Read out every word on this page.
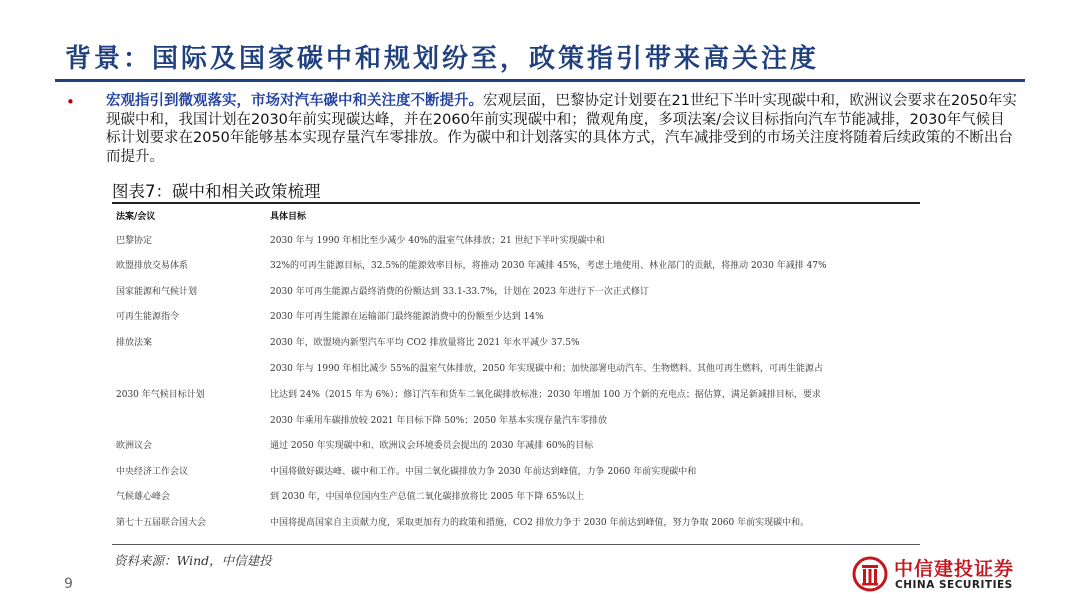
背景：国际及国家碳中和规划纷至，政策指引带来高关注度
• 宏观指引到微观落实，市场对汽车碳中和关注度不断提升。宏观层面，巴黎协定计划要在21世纪下半叶实现碳中和，欧洲议会要求在2050年实现碳中和，我国计划在2030年前实现碳达峰，并在2060年前实现碳中和；微观角度，多项法案/会议目标指向汽车节能减排，2030年气候目标计划要求在2050年能够基本实现存量汽车零排放。作为碳中和计划落实的具体方式，汽车减排受到的市场关注度将随着后续政策的不断出台而提升。

图表7：碳中和相关政策梳理

法案/会议	具体目标
巴黎协定	2030 年与 1990 年相比至少减少 40%的温室气体排放；21 世纪下半叶实现碳中和
欧盟排放交易体系	32%的可再生能源目标，32.5%的能源效率目标，将推动 2030 年减排 45%，考虑土地使用、林业部门的贡献，将推动 2030 年减排 47%
国家能源和气候计划	2030 年可再生能源占最终消费的份额达到 33.1-33.7%，计划在 2023 年进行下一次正式修订
可再生能源指令	2030 年可再生能源在运输部门最终能源消费中的份额至少达到 14%
排放法案	2030 年，欧盟境内新型汽车平均 CO2 排放量将比 2021 年水平减少 37.5%
2030 年气候目标计划	2030 年与 1990 年相比减少 55%的温室气体排放，2050 年实现碳中和；加快部署电动汽车、生物燃料、其他可再生燃料，可再生能源占
比达到 24%（2015 年为 6%）；修订汽车和货车二氧化碳排放标准；2030 年增加 100 万个新的充电点；据估算，满足新减排目标，要求
2030 年乘用车碳排放较 2021 年目标下降 50%；2050 年基本实现存量汽车零排放

欧洲议会	通过 2050 年实现碳中和、欧洲议会环境委员会提出的 2030 年减排 60%的目标
中央经济工作会议	中国将做好碳达峰、碳中和工作。中国二氧化碳排放力争 2030 年前达到峰值，力争 2060 年前实现碳中和
气候雄心峰会	到 2030 年，中国单位国内生产总值二氧化碳排放将比 2005 年下降 65%以上
第七十五届联合国大会	中国将提高国家自主贡献力度，采取更加有力的政策和措施，CO2 排放力争于 2030 年前达到峰值，努力争取 2060 年前实现碳中和。

资料来源：Wind，中信建投

9
中信建投证券
CHINA SECURITIES
